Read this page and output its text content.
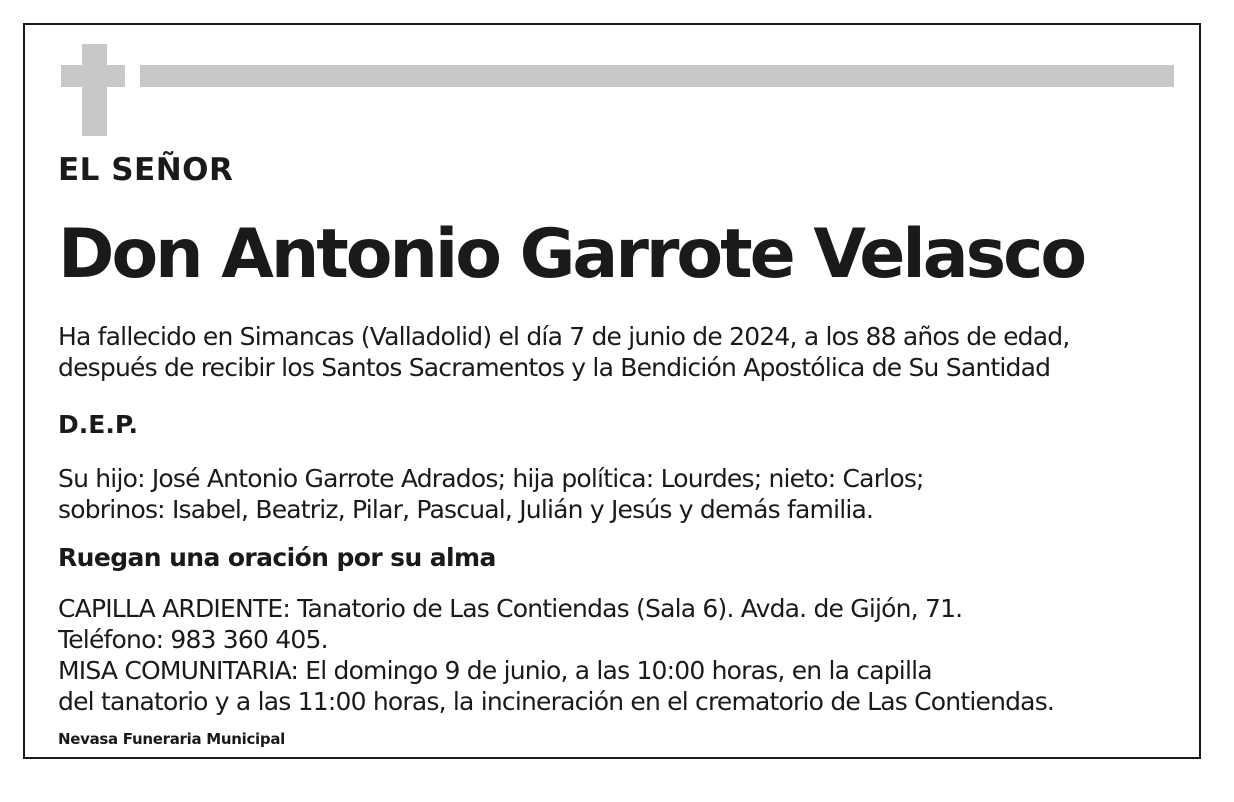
EL SEÑOR

Don Antonio Garrote Velasco

Ha fallecido en Simancas (Valladolid) el día 7 de junio de 2024, a los 88 años de edad,
después de recibir los Santos Sacramentos y la Bendición Apostólica de Su Santidad

D.E.P.

Su hijo: José Antonio Garrote Adrados; hija política: Lourdes; nieto: Carlos;
sobrinos: Isabel, Beatriz, Pilar, Pascual, Julián y Jesús y demás familia.

Ruegan una oración por su alma

CAPILLA ARDIENTE: Tanatorio de Las Contiendas (Sala 6). Avda. de Gijón, 71.
Teléfono: 983 360 405.
MISA COMUNITARIA: El domingo 9 de junio, a las 10:00 horas, en la capilla
del tanatorio y a las 11:00 horas, la incineración en el crematorio de Las Contiendas.

Nevasa Funeraria Municipal
